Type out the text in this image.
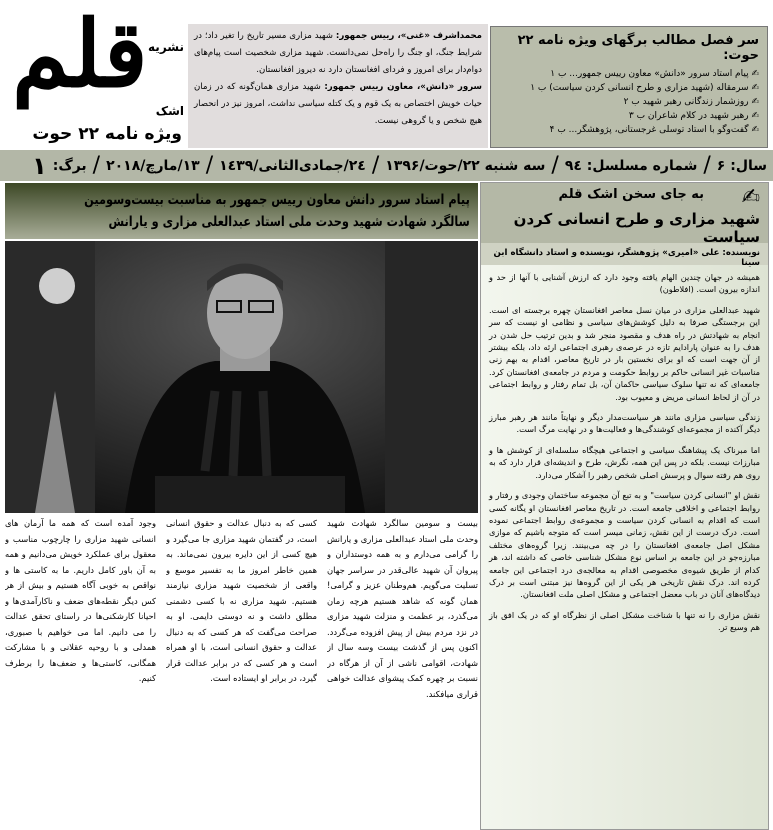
نشریه
قلم
اشک
ویژه نامه ۲۲ حوت

محمداشرف «غنی»، رییس جمهور: شهید مزاری مسیر تاریخ را تغیر داد؛ در شرایط جنگ، او جنگ را راه‌حل نمی‌دانست. شهید مزاری شخصیت است پیام‌های دوام‌دار برای امروز و فردای افغانستان دارد نه دیروز افغانستان.

سرور «دانش»، معاون رییس جمهور: شهید مزاری همان‌گونه که در زمان حیات خویش اختصاص به یک قوم و یک کتله سیاسی نداشت، امروز نیز در انحصار هیچ شخص و یا گروهی نیست.

سر فصل مطالب برگهای ویژه نامه ۲۲ حوت:
✍ پیام استاد سرور «دانش» معاون رییس جمهور... ب ۱
✍ سرمقاله (شهید مزاری و طرح انسانی کردن سیاست) ب ۱
✍ روزشمار زندگانی رهبر شهید ب ۲
✍ رهبر شهید در کلام شاعران ب ۳
✍ گفت‌وگو با استاد توسلی غرجستانی، پژوهشگر... ب ۴
سال: ۶
/
شماره مسلسل: ۹٤
/
سه شنبه ۲۲/حوت/۱۳۹۶
/
۲٤/جمادی‌الثانی/۱٤۳۹
/
۱۳/مارچ/۲۰۱۸
/
برگ:
۱
پیام استاد سرور دانش معاون رییس جمهور به مناسبت بیست‌وسومین
سالگرد شهادت شهید وحدت ملی استاد عبدالعلی مزاری و یارانش
بیست و سومین سالگرد شهادت شهید وحدت ملی استاد عبدالعلی مزاری و یارانش را گرامی می‌دارم و به همه دوستداران و پیروان آن شهید عالی‌قدر در سراسر جهان تسلیت می‌گویم. هم‌وطنان عزیز و گرامی! همان گونه که شاهد هستیم هرچه زمان می‌گذرد، بر عظمت و منزلت شهید مزاری در نزد مردم بیش از پیش افزوده می‌گردد. اکنون پس از گذشت بیست وسه سال از شهادت، اقوامی ناشی از آن از هرگاه در نسبت بر چهره کمک پیشوای عدالت خواهی قراری میافکند.
کسی که به دنبال عدالت و حقوق انسانی است، در گفتمان شهید مزاری جا می‌گیرد و هیچ کسی از این دایره بیرون نمی‌ماند. به همین خاطر امروز ما به تفسیر موسع و واقعی از شخصیت شهید مزاری نیازمند هستیم. شهید مزاری نه با کسی دشمنی مطلق داشت و نه دوستی دایمی. او به صراحت می‌گفت که هر کسی که به دنبال عدالت و حقوق انسانی است، با او همراه است و هر کسی که در برابر عدالت قرار گیرد، در برابر او ایستاده است.
وجود آمده است که همه ما آرمان های انسانی شهید مزاری را چارچوب مناسب و معقول برای عملکرد خویش می‌دانیم و همه به آن باور کامل داریم. ما به کاستی ها و نواقص به خوبی آگاه هستیم و بیش از هر کس دیگر نقطه‌های ضعف و ناکارآمدی‌ها و احیانا کارشکنی‌ها در راستای تحقق عدالت را می دانیم. اما می خواهیم با صبوری، همدلی و با روحیه عقلانی و با مشارکت همگانی، کاستی‌ها و ضعف‌ها را برطرف کنیم.
✍
به جای سخن اشک قلم
شهید مزاری و طرح انسانی کردن سیاست
نویسنده: علی «امیری» پژوهشگر، نویسنده و استاد دانشگاه ابن سینا

همیشه در جهان چندین الهام یافته وجود دارد که ارزش آشنایی با آنها از حد و اندازه بیرون است. (افلاطون)

شهید عبدالعلی مزاری در میان نسل معاصر افغانستان چهره برجسته ای است. این برجستگی صرفا به دلیل کوشش‌های سیاسی و نظامی او نیست که سر انجام به شهادتش در راه هدف و مقصود منجر شد و بدین ترتیب حل شدن در هدف را به عنوان پارادایم تازه در عرصه‌ی رهبری اجتماعی ارئه داد، بلکه بیشتر از آن جهت است که او برای نخستین بار در تاریخ معاصر، اقدام به بهم زنی مناسبات غیر انسانی حاکم بر روابط حکومت و مردم در جامعه‌ی افغانستان کرد. جامعه‌ای که نه تنها سلوک سیاسی حاکمان آن، بل تمام رفتار و روابط اجتماعی در آن از لحاظ انسانی مریض و معیوب بود.

زندگی سیاسی مزاری مانند هر سیاست‌مدار دیگر و نهایتاً مانند هر رهبر مبارز دیگر آکنده از مجموعه‌ای کوشندگی‌ها و فعالیت‌ها و در نهایت مرگ است.

اما مبرناک یک پیشاهنگ سیاسی و اجتماعی هیچگاه سلسله‌ای از کوشش ها و مبارزات نیست. بلکه در پس این همه، نگرش، طرح و اندیشه‌ای قرار دارد که به روی هم رفته سوال و پرسش اصلی شخص رهبر را آشکار می‌دارد.

نقش او "انسانی کردن سیاست" و به تبع آن مجموعه ساختمان وجودی و رفتار و روابط اجتماعی و اخلاقی جامعه است. در تاریخ معاصر افغانستان او یگانه کسی است که اقدام به انسانی کردن سیاست و مجموعه‌ی روابط اجتماعی نموده است. درک درست از این نقش، زمانی میسر است که متوجه باشیم که موازی مشکل اصل جامعه‌ی افغانستان را در چه می‌بینند. زیرا گروه‌های مختلف مبارزه‌جو در این جامعه بر اساس نوع مشکل شناسی خاصی که داشته اند، هر کدام از طریق شیوه‌ی مخصوصی اقدام به معالجه‌ی درد اجتماعی این جامعه کرده اند. درک نقش تاریخی هر یکی از این گروه‌ها نیز مبتنی است بر درک دیدگاه‌های آنان در باب معضل اجتماعی و مشکل اصلی ملت افغانستان.

نقش مزاری را نه تنها با شناخت مشکل اصلی از نظرگاه او که در یک افق باز هم وسیع تر.
